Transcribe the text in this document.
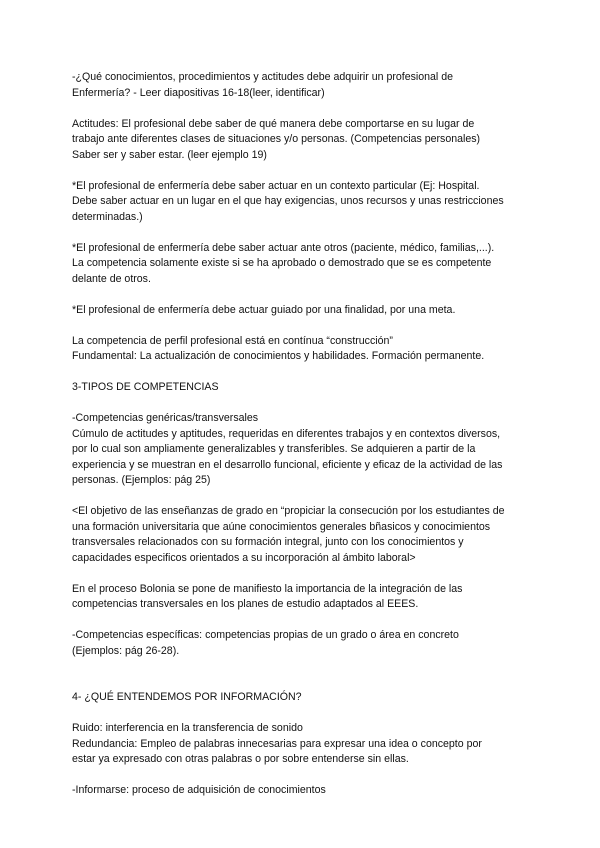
-¿Qué conocimientos, procedimientos y actitudes debe adquirir un profesional de
Enfermería? - Leer diapositivas 16-18(leer, identificar)

Actitudes: El profesional debe saber de qué manera debe comportarse en su lugar de
trabajo ante diferentes clases de situaciones y/o personas. (Competencias personales)
Saber ser y saber estar. (leer ejemplo 19)

*El profesional de enfermería debe saber actuar en un contexto particular (Ej: Hospital.
Debe saber actuar en un lugar en el que hay exigencias, unos recursos y unas restricciones
determinadas.)

*El profesional de enfermería debe saber actuar ante otros (paciente, médico, familias,...).
La competencia solamente existe si se ha aprobado o demostrado que se es competente
delante de otros.

*El profesional de enfermería debe actuar guiado por una finalidad, por una meta.

La competencia de perfil profesional está en contínua “construcción”
Fundamental: La actualización de conocimientos y habilidades. Formación permanente.

3-TIPOS DE COMPETENCIAS

-Competencias genéricas/transversales
Cúmulo de actitudes y aptitudes, requeridas en diferentes trabajos y en contextos diversos,
por lo cual son ampliamente generalizables y transferibles. Se adquieren a partir de la
experiencia y se muestran en el desarrollo funcional, eficiente y eficaz de la actividad de las
personas. (Ejemplos: pág 25)

<El objetivo de las enseñanzas de grado en “propiciar la consecución por los estudiantes de
una formación universitaria que aúne conocimientos generales bñasicos y conocimientos
transversales relacionados con su formación integral, junto con los conocimientos y
capacidades especificos orientados a su incorporación al ámbito laboral>

En el proceso Bolonia se pone de manifiesto la importancia de la integración de las
competencias transversales en los planes de estudio adaptados al EEES.

-Competencias específicas: competencias propias de un grado o área en concreto
(Ejemplos: pág 26-28).

4- ¿QUÉ ENTENDEMOS POR INFORMACIÓN?

Ruido: interferencia en la transferencia de sonido
Redundancia: Empleo de palabras innecesarias para expresar una idea o concepto por
estar ya expresado con otras palabras o por sobre entenderse sin ellas.

-Informarse: proceso de adquisición de conocimientos
